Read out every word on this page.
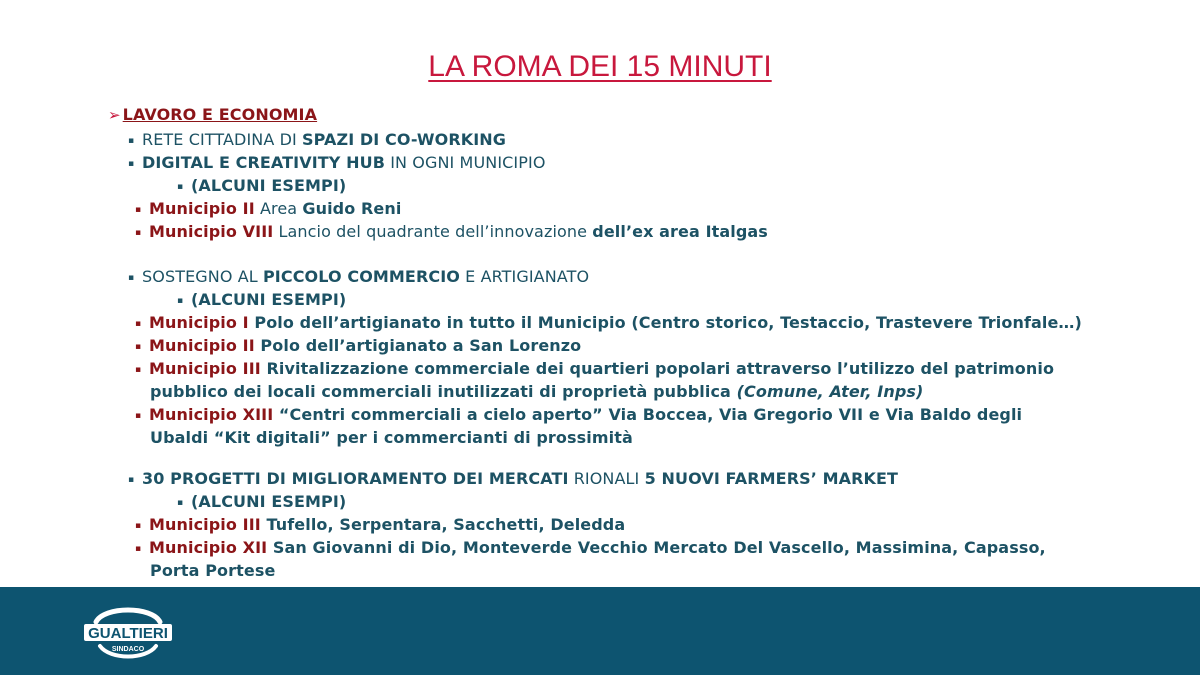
LA ROMA DEI 15 MINUTI
➢ LAVORO E ECONOMIA
▪ RETE CITTADINA DI SPAZI DI CO-WORKING
▪ DIGITAL E CREATIVITY HUB IN OGNI MUNICIPIO
▪ (ALCUNI ESEMPI)
▪ Municipio II Area Guido Reni
▪ Municipio VIII Lancio del quadrante dell’innovazione dell’ex area Italgas
▪ SOSTEGNO AL PICCOLO COMMERCIO E ARTIGIANATO
▪ (ALCUNI ESEMPI)
▪ Municipio I Polo dell’artigianato in tutto il Municipio (Centro storico, Testaccio, Trastevere Trionfale…)
▪ Municipio II Polo dell’artigianato a San Lorenzo
▪ Municipio III Rivitalizzazione commerciale dei quartieri popolari attraverso l’utilizzo del patrimonio
pubblico dei locali commerciali inutilizzati di proprietà pubblica (Comune, Ater, Inps)
▪ Municipio XIII “Centri commerciali a cielo aperto” Via Boccea, Via Gregorio VII e Via Baldo degli
Ubaldi “Kit digitali” per i commercianti di prossimità
▪ 30 PROGETTI DI MIGLIORAMENTO DEI MERCATI RIONALI 5 NUOVI FARMERS’ MARKET
▪ (ALCUNI ESEMPI)
▪ Municipio III Tufello, Serpentara, Sacchetti, Deledda
▪ Municipio XII San Giovanni di Dio, Monteverde Vecchio Mercato Del Vascello, Massimina, Capasso,
Porta Portese
GUALTIERI
SINDACO
